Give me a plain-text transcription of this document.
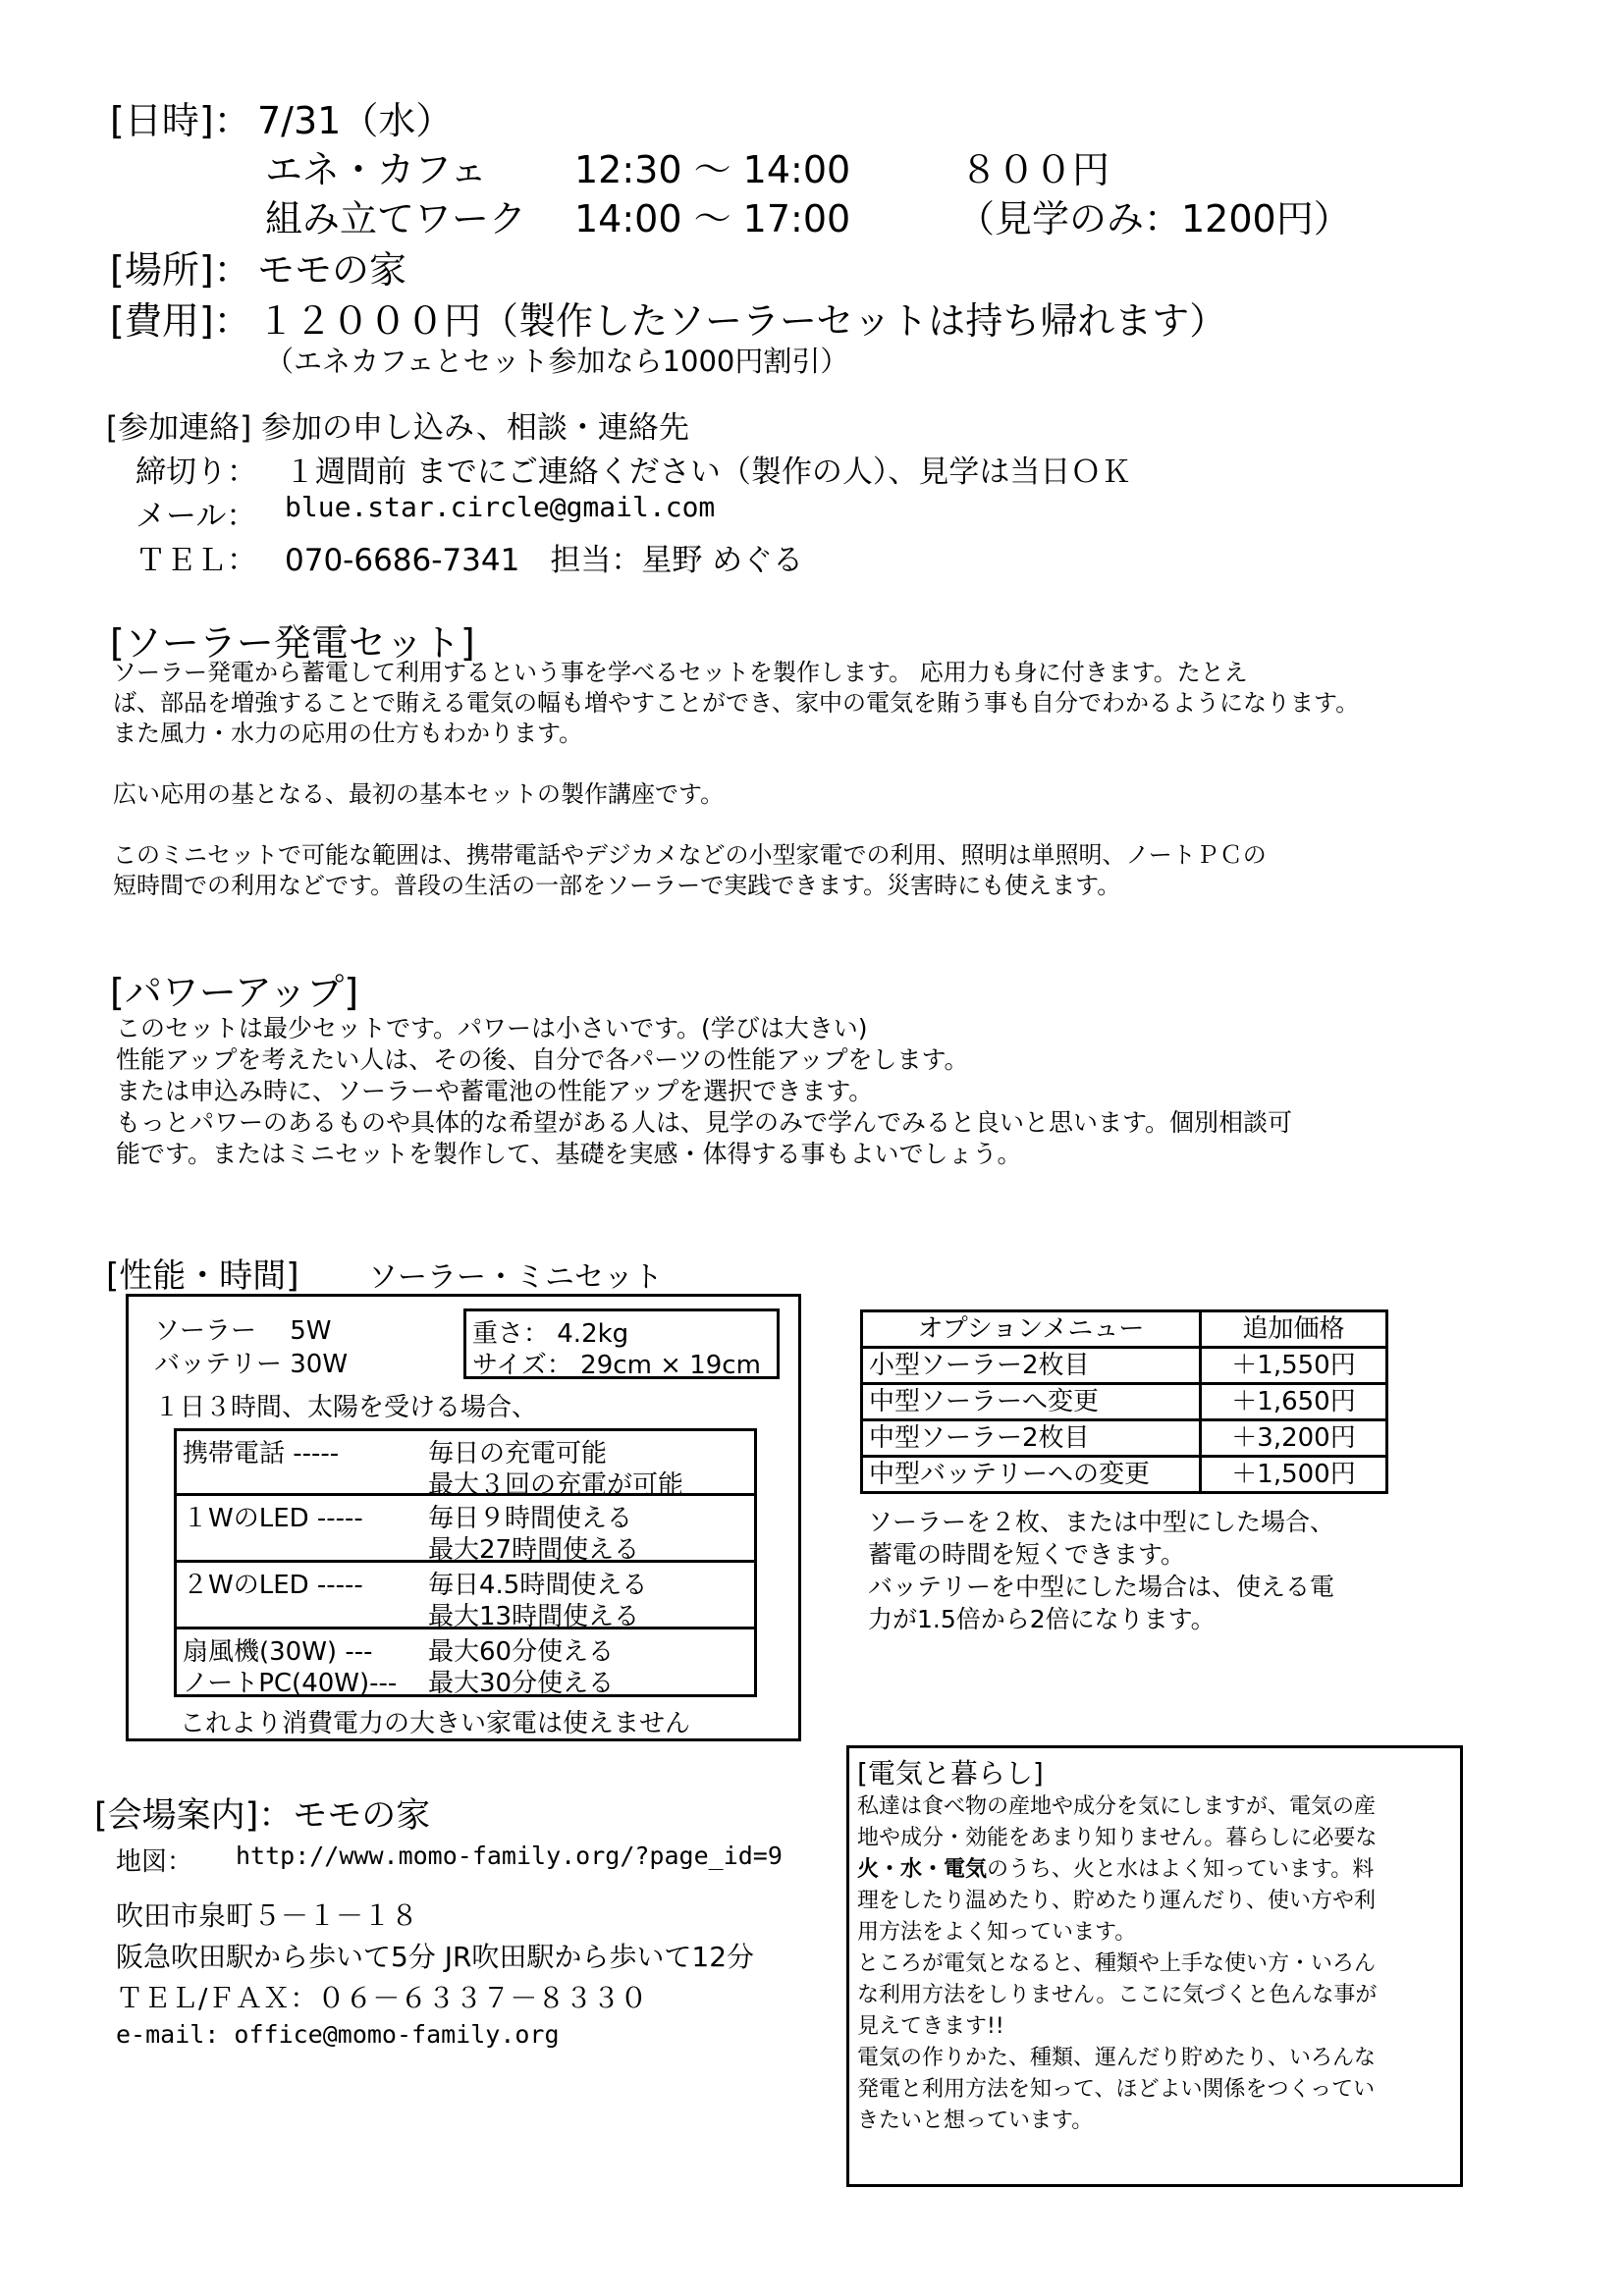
[日時]： 7/31（水）
エネ・カフェ 12:30 ～ 14:00	８００円
組み立てワーク 14:00 ～ 17:00	（見学のみ：1200円）
[場所]： モモの家
[費用]： １２０００円（製作したソーラーセットは持ち帰れます）
（エネカフェとセット参加なら1000円割引）
[参加連絡] 参加の申し込み、相談・連絡先
締切り： １週間前 までにご連絡ください（製作の人）、見学は当日ＯＫ
メール： blue.star.circle@gmail.com
ＴＥＬ： 070-6686-7341　担当：星野 めぐる
[ソーラー発電セット]
ソーラー発電から蓄電して利用するという事を学べるセットを製作します。 応用力も身に付きます。たとえ
ば、部品を増強することで賄える電気の幅も増やすことができ、家中の電気を賄う事も自分でわかるようになります。
また風力・水力の応用の仕方もわかります。
広い応用の基となる、最初の基本セットの製作講座です。
このミニセットで可能な範囲は、携帯電話やデジカメなどの小型家電での利用、照明は単照明、ノートＰＣの
短時間での利用などです。普段の生活の一部をソーラーで実践できます。災害時にも使えます。
[パワーアップ]
このセットは最少セットです。パワーは小さいです。(学びは大きい)
性能アップを考えたい人は、その後、自分で各パーツの性能アップをします。
または申込み時に、ソーラーや蓄電池の性能アップを選択できます。
もっとパワーのあるものや具体的な希望がある人は、見学のみで学んでみると良いと思います。個別相談可
能です。またはミニセットを製作して、基礎を実感・体得する事もよいでしょう。
[性能・時間] ソーラー・ミニセット
ソーラー　 5W
バッテリー 30W
重さ： 4.2kg
サイズ： 29cm × 19cm
１日３時間、太陽を受ける場合、
携帯電話 -----	毎日の充電可能
最大３回の充電が可能
１WのLED -----	毎日９時間使える
最大27時間使える
２WのLED -----	毎日4.5時間使える
最大13時間使える
扇風機(30W) --- 最大60分使える
ノートPC(40W)--- 最大30分使える
これより消費電力の大きい家電は使えません
オプションメニュー	追加価格
小型ソーラー2枚目	＋1,550円
中型ソーラーへ変更	＋1,650円
中型ソーラー2枚目	＋3,200円
中型バッテリーへの変更	＋1,500円
ソーラーを２枚、または中型にした場合、
蓄電の時間を短くできます。
バッテリーを中型にした場合は、使える電
力が1.5倍から2倍になります。
[会場案内]：モモの家
地図： http://www.momo-family.org/?page_id=9
吹田市泉町５－１－１８
阪急吹田駅から歩いて5分 JR吹田駅から歩いて12分
ＴＥＬ/ＦＡＸ：０６－６３３７－８３３０
e-mail: office@momo-family.org
[電気と暮らし]
私達は食べ物の産地や成分を気にしますが、電気の産
地や成分・効能をあまり知りません。暮らしに必要な
火・水・電気のうち、火と水はよく知っています。料
理をしたり温めたり、貯めたり運んだり、使い方や利
用方法をよく知っています。
ところが電気となると、種類や上手な使い方・いろん
な利用方法をしりません。ここに気づくと色んな事が
見えてきます!!
電気の作りかた、種類、運んだり貯めたり、いろんな
発電と利用方法を知って、ほどよい関係をつくってい
きたいと想っています。
